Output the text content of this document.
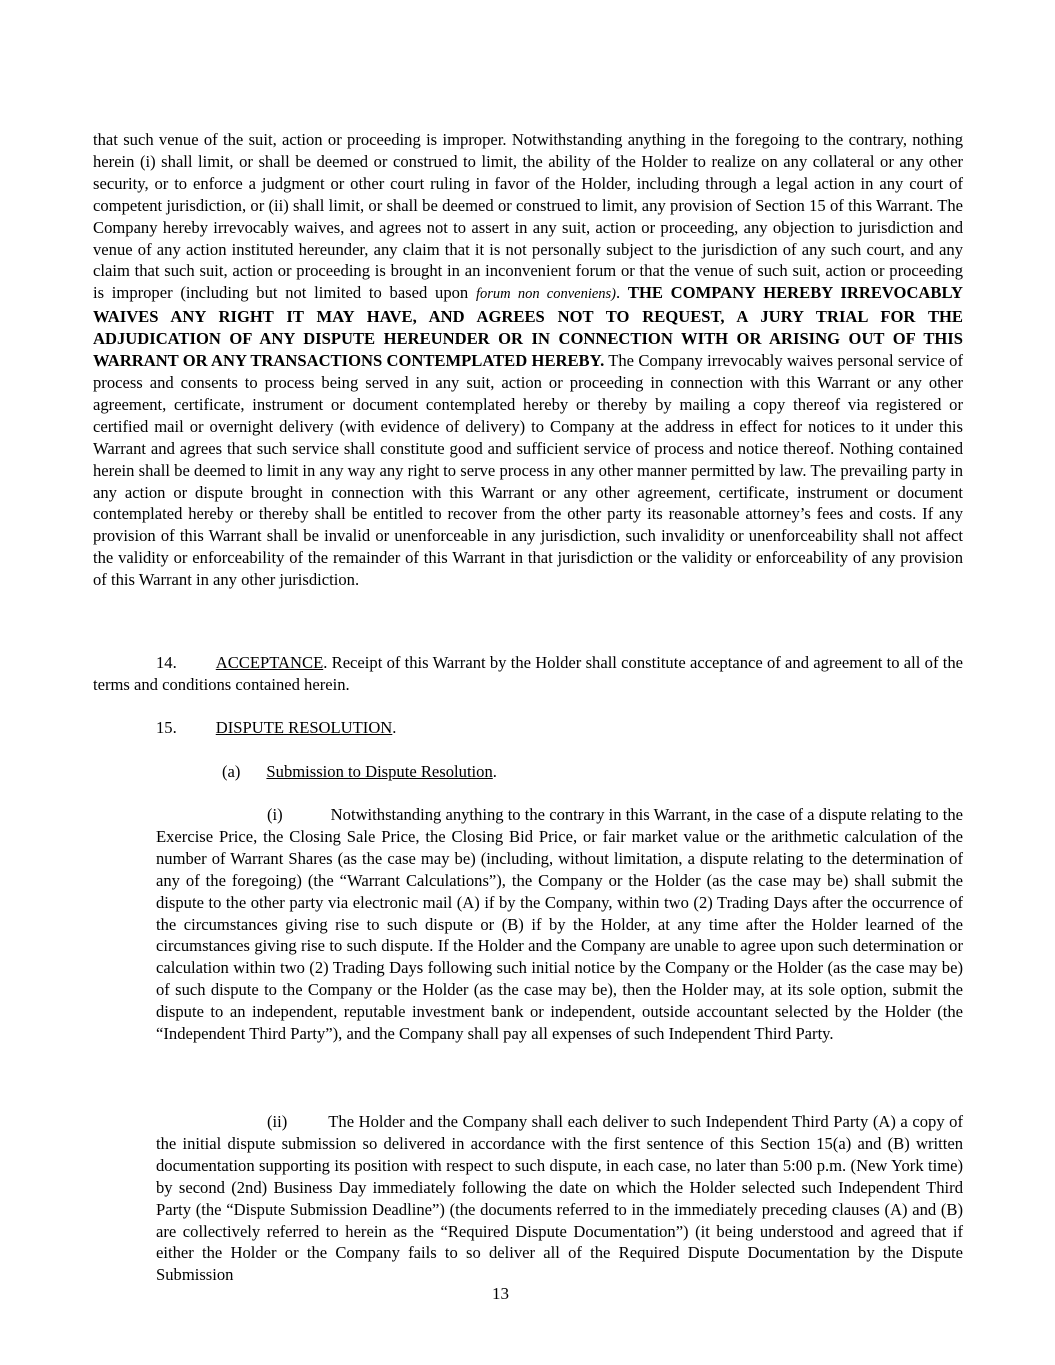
that such venue of the suit, action or proceeding is improper. Notwithstanding anything in the foregoing to the contrary, nothing herein (i) shall limit, or shall be deemed or construed to limit, the ability of the Holder to realize on any collateral or any other security, or to enforce a judgment or other court ruling in favor of the Holder, including through a legal action in any court of competent jurisdiction, or (ii) shall limit, or shall be deemed or construed to limit, any provision of Section 15 of this Warrant. The Company hereby irrevocably waives, and agrees not to assert in any suit, action or proceeding, any objection to jurisdiction and venue of any action instituted hereunder, any claim that it is not personally subject to the jurisdiction of any such court, and any claim that such suit, action or proceeding is brought in an inconvenient forum or that the venue of such suit, action or proceeding is improper (including but not limited to based upon forum non conveniens). THE COMPANY HEREBY IRREVOCABLY WAIVES ANY RIGHT IT MAY HAVE, AND AGREES NOT TO REQUEST, A JURY TRIAL FOR THE ADJUDICATION OF ANY DISPUTE HEREUNDER OR IN CONNECTION WITH OR ARISING OUT OF THIS WARRANT OR ANY TRANSACTIONS CONTEMPLATED HEREBY. The Company irrevocably waives personal service of process and consents to process being served in any suit, action or proceeding in connection with this Warrant or any other agreement, certificate, instrument or document contemplated hereby or thereby by mailing a copy thereof via registered or certified mail or overnight delivery (with evidence of delivery) to Company at the address in effect for notices to it under this Warrant and agrees that such service shall constitute good and sufficient service of process and notice thereof. Nothing contained herein shall be deemed to limit in any way any right to serve process in any other manner permitted by law. The prevailing party in any action or dispute brought in connection with this Warrant or any other agreement, certificate, instrument or document contemplated hereby or thereby shall be entitled to recover from the other party its reasonable attorney’s fees and costs. If any provision of this Warrant shall be invalid or unenforceable in any jurisdiction, such invalidity or unenforceability shall not affect the validity or enforceability of the remainder of this Warrant in that jurisdiction or the validity or enforceability of any provision of this Warrant in any other jurisdiction.

14. ACCEPTANCE. Receipt of this Warrant by the Holder shall constitute acceptance of and agreement to all of the terms and conditions contained herein.

15. DISPUTE RESOLUTION.
(a) Submission to Dispute Resolution.

(i)	Notwithstanding anything to the contrary in this Warrant, in the case of a dispute relating to the Exercise Price, the Closing Sale Price, the Closing Bid Price, or fair market value or the arithmetic calculation of the number of Warrant Shares (as the case may be) (including, without limitation, a dispute relating to the determination of any of the foregoing) (the “Warrant Calculations”), the Company or the Holder (as the case may be) shall submit the dispute to the other party via electronic mail (A) if by the Company, within two (2) Trading Days after the occurrence of the circumstances giving rise to such dispute or (B) if by the Holder, at any time after the Holder learned of the circumstances giving rise to such dispute. If the Holder and the Company are unable to agree upon such determination or calculation within two (2) Trading Days following such initial notice by the Company or the Holder (as the case may be) of such dispute to the Company or the Holder (as the case may be), then the Holder may, at its sole option, submit the dispute to an independent, reputable investment bank or independent, outside accountant selected by the Holder (the “Independent Third Party”), and the Company shall pay all expenses of such Independent Third Party.

(ii) The Holder and the Company shall each deliver to such Independent Third Party (A) a copy of the initial dispute submission so delivered in accordance with the first sentence of this Section 15(a) and (B) written documentation supporting its position with respect to such dispute, in each case, no later than 5:00 p.m. (New York time) by second (2nd) Business Day immediately following the date on which the Holder selected such Independent Third Party (the “Dispute Submission Deadline”) (the documents referred to in the immediately preceding clauses (A) and (B) are collectively referred to herein as the “Required Dispute Documentation”) (it being understood and agreed that if either the Holder or the Company fails to so deliver all of the Required Dispute Documentation by the Dispute Submission

13
